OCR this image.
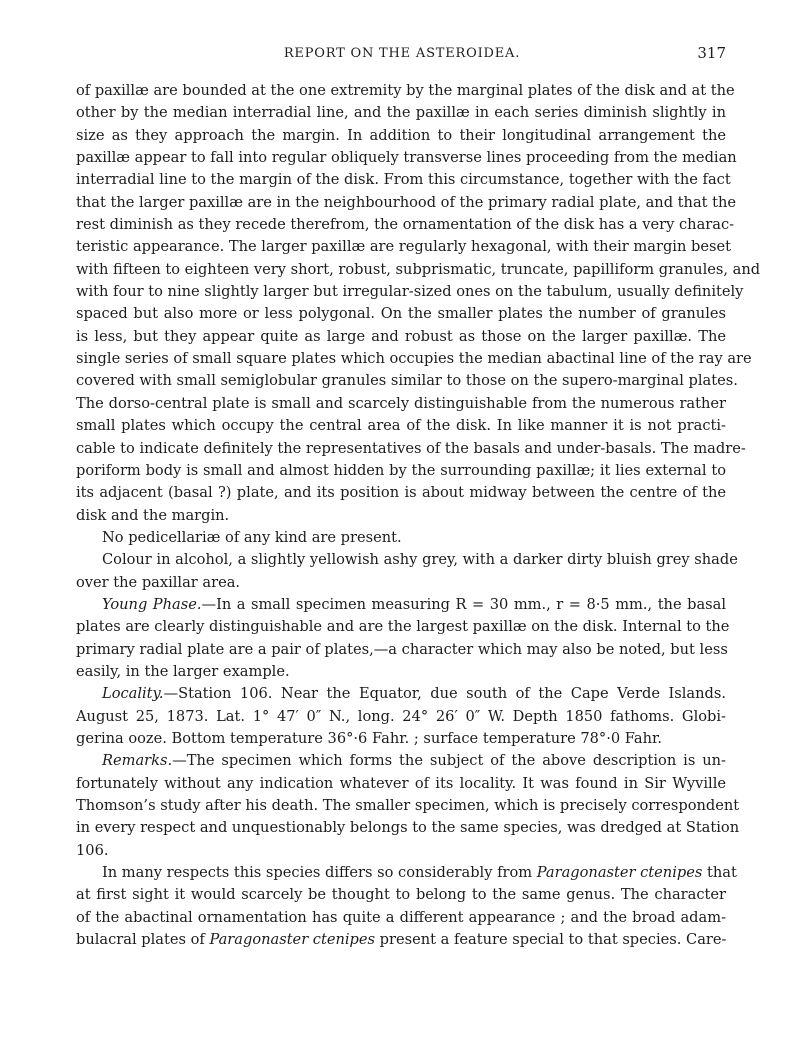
REPORT ON THE ASTEROIDEA.	317
of paxillæ are bounded at the one extremity by the marginal plates of the disk and at the
other by the median interradial line, and the paxillæ in each series diminish slightly in
size as they approach the margin. In addition to their longitudinal arrangement the
paxillæ appear to fall into regular obliquely transverse lines proceeding from the median
interradial line to the margin of the disk. From this circumstance, together with the fact
that the larger paxillæ are in the neighbourhood of the primary radial plate, and that the
rest diminish as they recede therefrom, the ornamentation of the disk has a very charac-
teristic appearance. The larger paxillæ are regularly hexagonal, with their margin beset
with fifteen to eighteen very short, robust, subprismatic, truncate, papilliform granules, and
with four to nine slightly larger but irregular-sized ones on the tabulum, usually definitely
spaced but also more or less polygonal. On the smaller plates the number of granules
is less, but they appear quite as large and robust as those on the larger paxillæ. The
single series of small square plates which occupies the median abactinal line of the ray are
covered with small semiglobular granules similar to those on the supero-marginal plates.
The dorso-central plate is small and scarcely distinguishable from the numerous rather
small plates which occupy the central area of the disk. In like manner it is not practi-
cable to indicate definitely the representatives of the basals and under-basals. The madre-
poriform body is small and almost hidden by the surrounding paxillæ; it lies external to
its adjacent (basal ?) plate, and its position is about midway between the centre of the
disk and the margin.
No pedicellariæ of any kind are present.
Colour in alcohol, a slightly yellowish ashy grey, with a darker dirty bluish grey shade
over the paxillar area.
Young Phase.—In a small specimen measuring R = 30 mm., r = 8·5 mm., the basal
plates are clearly distinguishable and are the largest paxillæ on the disk. Internal to the
primary radial plate are a pair of plates,—a character which may also be noted, but less
easily, in the larger example.
Locality.—Station 106. Near the Equator, due south of the Cape Verde Islands.
August 25, 1873. Lat. 1° 47′ 0″ N., long. 24° 26′ 0″ W. Depth 1850 fathoms. Globi-
gerina ooze. Bottom temperature 36°·6 Fahr. ; surface temperature 78°·0 Fahr.
Remarks.—The specimen which forms the subject of the above description is un-
fortunately without any indication whatever of its locality. It was found in Sir Wyville
Thomson’s study after his death. The smaller specimen, which is precisely correspondent
in every respect and unquestionably belongs to the same species, was dredged at Station
106.
In many respects this species differs so considerably from Paragonaster ctenipes that
at first sight it would scarcely be thought to belong to the same genus. The character
of the abactinal ornamentation has quite a different appearance ; and the broad adam-
bulacral plates of Paragonaster ctenipes present a feature special to that species. Care-
